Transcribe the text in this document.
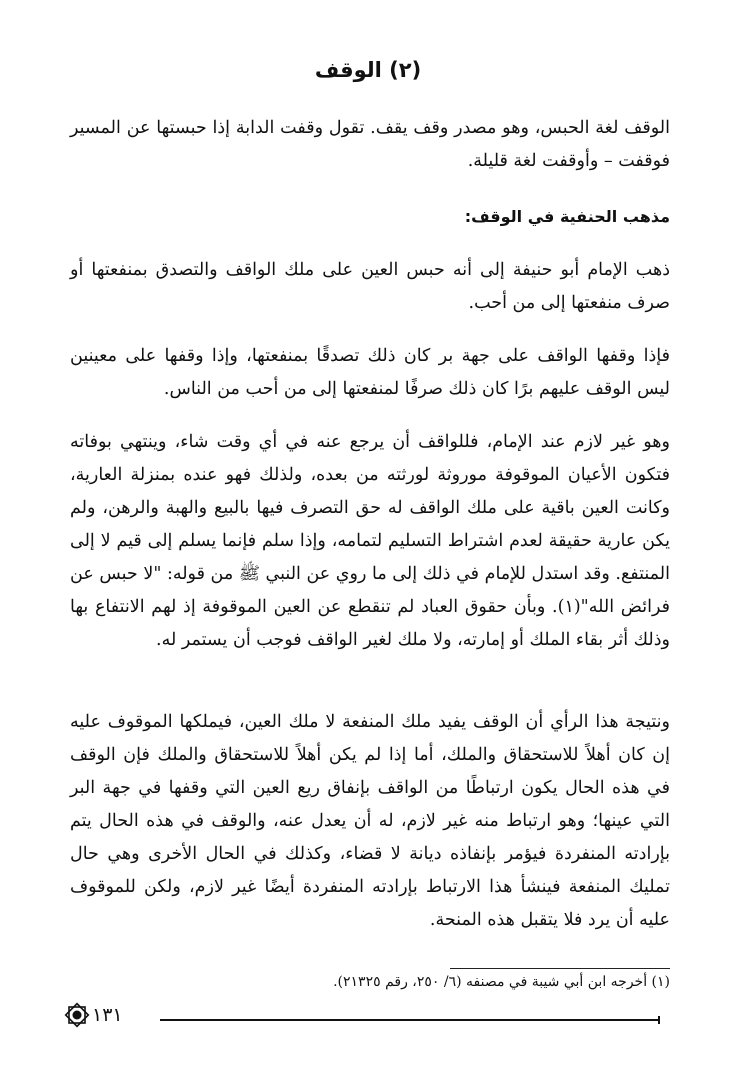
(٢) الوقف

الوقف لغة الحبس، وهو مصدر وقف يقف. تقول وقفت الدابة إذا حبستها عن المسير فوقفت – وأوقفت لغة قليلة.

مذهب الحنفية في الوقف:

ذهب الإمام أبو حنيفة إلى أنه حبس العين على ملك الواقف والتصدق بمنفعتها أو صرف منفعتها إلى من أحب.

فإذا وقفها الواقف على جهة بر كان ذلك تصدقًا بمنفعتها، وإذا وقفها على معينين ليس الوقف عليهم برًا كان ذلك صرفًا لمنفعتها إلى من أحب من الناس.

وهو غير لازم عند الإمام، فللواقف أن يرجع عنه في أي وقت شاء، وينتهي بوفاته فتكون الأعيان الموقوفة موروثة لورثته من بعده، ولذلك فهو عنده بمنزلة العارية، وكانت العين باقية على ملك الواقف له حق التصرف فيها بالبيع والهبة والرهن، ولم يكن عارية حقيقة لعدم اشتراط التسليم لتمامه، وإذا سلم فإنما يسلم إلى قيم لا إلى المنتفع. وقد استدل للإمام في ذلك إلى ما روي عن النبي ﷺ من قوله: "لا حبس عن فرائض الله"(١). وبأن حقوق العباد لم تنقطع عن العين الموقوفة إذ لهم الانتفاع بها وذلك أثر بقاء الملك أو إمارته، ولا ملك لغير الواقف فوجب أن يستمر له.

ونتيجة هذا الرأي أن الوقف يفيد ملك المنفعة لا ملك العين، فيملكها الموقوف عليه إن كان أهلاً للاستحقاق والملك، أما إذا لم يكن أهلاً للاستحقاق والملك فإن الوقف في هذه الحال يكون ارتباطًا من الواقف بإنفاق ريع العين التي وقفها في جهة البر التي عينها؛ وهو ارتباط منه غير لازم، له أن يعدل عنه، والوقف في هذه الحال يتم بإرادته المنفردة فيؤمر بإنفاذه ديانة لا قضاء، وكذلك في الحال الأخرى وهي حال تمليك المنفعة فينشأ هذا الارتباط بإرادته المنفردة أيضًا غير لازم، ولكن للموقوف عليه أن يرد فلا يتقبل هذه المنحة.

(١) أخرجه ابن أبي شيبة في مصنفه (٦/ ٢٥٠، رقم ٢١٣٢٥).
١٣١
